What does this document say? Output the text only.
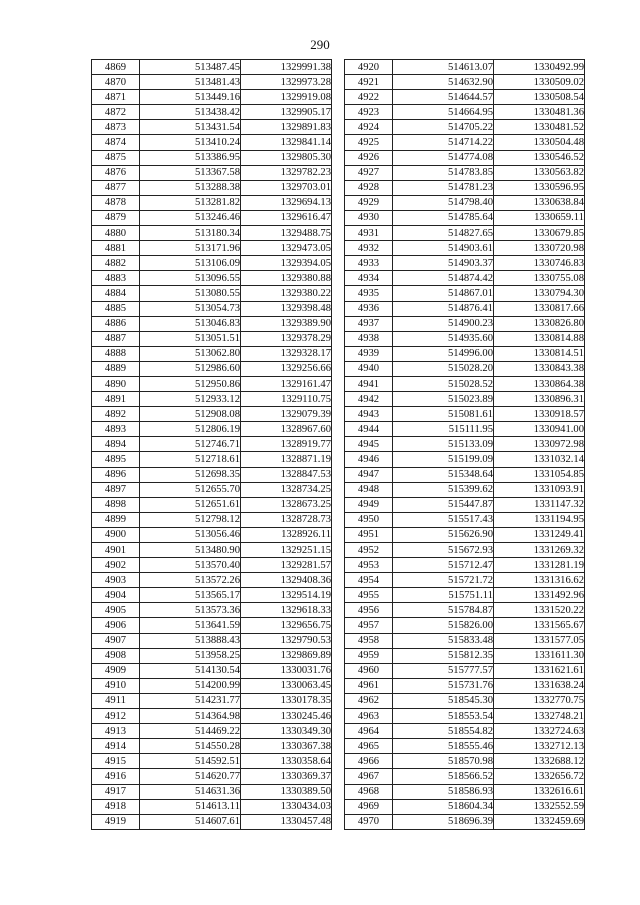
290
4869	513487.45	1329991.38
4870	513481.43	1329973.28
4871	513449.16	1329919.08
4872	513438.42	1329905.17
4873	513431.54	1329891.83
4874	513410.24	1329841.14
4875	513386.95	1329805.30
4876	513367.58	1329782.23
4877	513288.38	1329703.01
4878	513281.82	1329694.13
4879	513246.46	1329616.47
4880	513180.34	1329488.75
4881	513171.96	1329473.05
4882	513106.09	1329394.05
4883	513096.55	1329380.88
4884	513080.55	1329380.22
4885	513054.73	1329398.48
4886	513046.83	1329389.90
4887	513051.51	1329378.29
4888	513062.80	1329328.17
4889	512986.60	1329256.66
4890	512950.86	1329161.47
4891	512933.12	1329110.75
4892	512908.08	1329079.39
4893	512806.19	1328967.60
4894	512746.71	1328919.77
4895	512718.61	1328871.19
4896	512698.35	1328847.53
4897	512655.70	1328734.25
4898	512651.61	1328673.25
4899	512798.12	1328728.73
4900	513056.46	1328926.11
4901	513480.90	1329251.15
4902	513570.40	1329281.57
4903	513572.26	1329408.36
4904	513565.17	1329514.19
4905	513573.36	1329618.33
4906	513641.59	1329656.75
4907	513888.43	1329790.53
4908	513958.25	1329869.89
4909	514130.54	1330031.76
4910	514200.99	1330063.45
4911	514231.77	1330178.35
4912	514364.98	1330245.46
4913	514469.22	1330349.30
4914	514550.28	1330367.38
4915	514592.51	1330358.64
4916	514620.77	1330369.37
4917	514631.36	1330389.50
4918	514613.11	1330434.03
4919	514607.61	1330457.48
4920	514613.07	1330492.99
4921	514632.90	1330509.02
4922	514644.57	1330508.54
4923	514664.95	1330481.36
4924	514705.22	1330481.52
4925	514714.22	1330504.48
4926	514774.08	1330546.52
4927	514783.85	1330563.82
4928	514781.23	1330596.95
4929	514798.40	1330638.84
4930	514785.64	1330659.11
4931	514827.65	1330679.85
4932	514903.61	1330720.98
4933	514903.37	1330746.83
4934	514874.42	1330755.08
4935	514867.01	1330794.30
4936	514876.41	1330817.66
4937	514900.23	1330826.80
4938	514935.60	1330814.88
4939	514996.00	1330814.51
4940	515028.20	1330843.38
4941	515028.52	1330864.38
4942	515023.89	1330896.31
4943	515081.61	1330918.57
4944	515111.95	1330941.00
4945	515133.09	1330972.98
4946	515199.09	1331032.14
4947	515348.64	1331054.85
4948	515399.62	1331093.91
4949	515447.87	1331147.32
4950	515517.43	1331194.95
4951	515626.90	1331249.41
4952	515672.93	1331269.32
4953	515712.47	1331281.19
4954	515721.72	1331316.62
4955	515751.11	1331492.96
4956	515784.87	1331520.22
4957	515826.00	1331565.67
4958	515833.48	1331577.05
4959	515812.35	1331611.30
4960	515777.57	1331621.61
4961	515731.76	1331638.24
4962	518545.30	1332770.75
4963	518553.54	1332748.21
4964	518554.82	1332724.63
4965	518555.46	1332712.13
4966	518570.98	1332688.12
4967	518566.52	1332656.72
4968	518586.93	1332616.61
4969	518604.34	1332552.59
4970	518696.39	1332459.69
